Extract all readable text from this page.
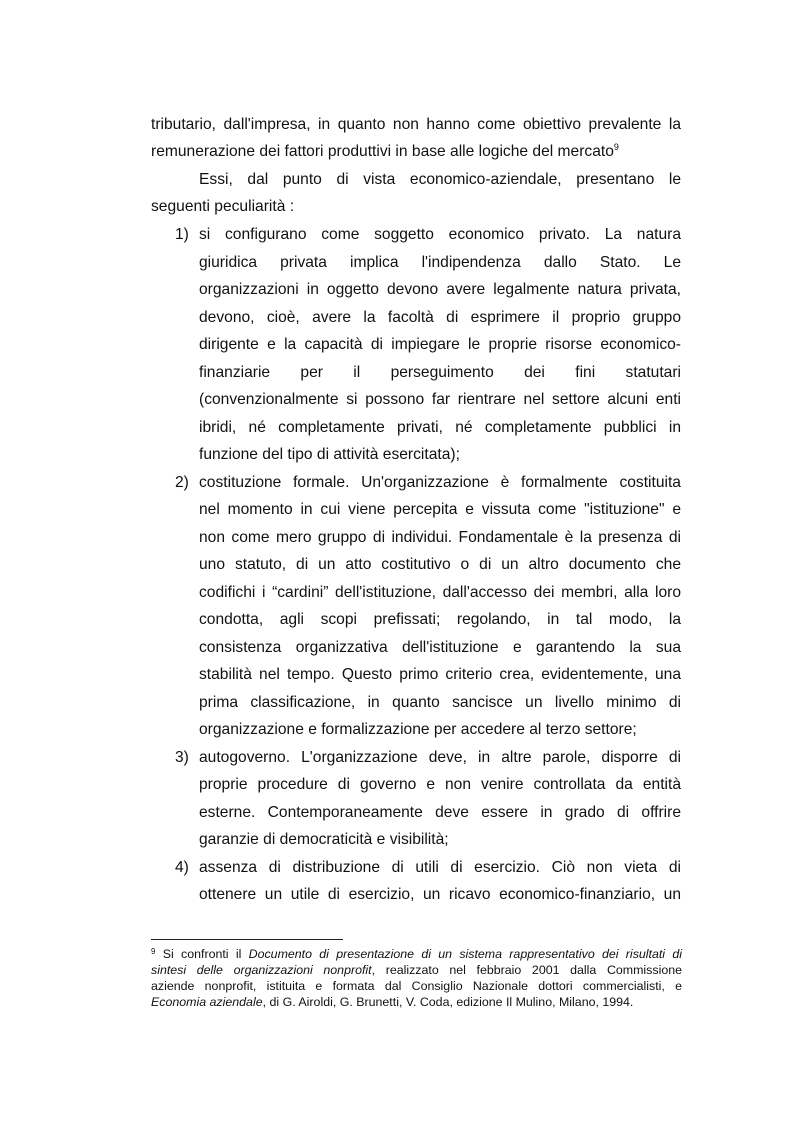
tributario, dall'impresa, in quanto non hanno come obiettivo prevalente la
remunerazione dei fattori produttivi in base alle logiche del mercato$^9$
Essi, dal punto di vista economico-aziendale, presentano le
seguenti peculiarità :
1) si configurano come soggetto economico privato. La natura
giuridica privata implica l'indipendenza dallo Stato. Le
organizzazioni in oggetto devono avere legalmente natura privata,
devono, cioè, avere la facoltà di esprimere il proprio gruppo
dirigente e la capacità di impiegare le proprie risorse economico-
finanziarie per il perseguimento dei fini statutari
(convenzionalmente si possono far rientrare nel settore alcuni enti
ibridi, né completamente privati, né completamente pubblici in
funzione del tipo di attività esercitata);
2) costituzione formale. Un'organizzazione è formalmente costituita
nel momento in cui viene percepita e vissuta come "istituzione" e
non come mero gruppo di individui. Fondamentale è la presenza di
uno statuto, di un atto costitutivo o di un altro documento che
codifichi i “cardini” dell'istituzione, dall'accesso dei membri, alla loro
condotta, agli scopi prefissati; regolando, in tal modo, la
consistenza organizzativa dell'istituzione e garantendo la sua
stabilità nel tempo. Questo primo criterio crea, evidentemente, una
prima classificazione, in quanto sancisce un livello minimo di
organizzazione e formalizzazione per accedere al terzo settore;
3) autogoverno. L'organizzazione deve, in altre parole, disporre di
proprie procedure di governo e non venire controllata da entità
esterne. Contemporaneamente deve essere in grado di offrire
garanzie di democraticità e visibilità;
4) assenza di distribuzione di utili di esercizio. Ciò non vieta di
ottenere un utile di esercizio, un ricavo economico-finanziario, un
$^9$ Si confronti il Documento di presentazione di un sistema rappresentativo dei risultati di
sintesi delle organizzazioni nonprofit, realizzato nel febbraio 2001 dalla Commissione
aziende nonprofit, istituita e formata dal Consiglio Nazionale dottori commercialisti, e
Economia aziendale, di G. Airoldi, G. Brunetti, V. Coda, edizione Il Mulino, Milano, 1994.
